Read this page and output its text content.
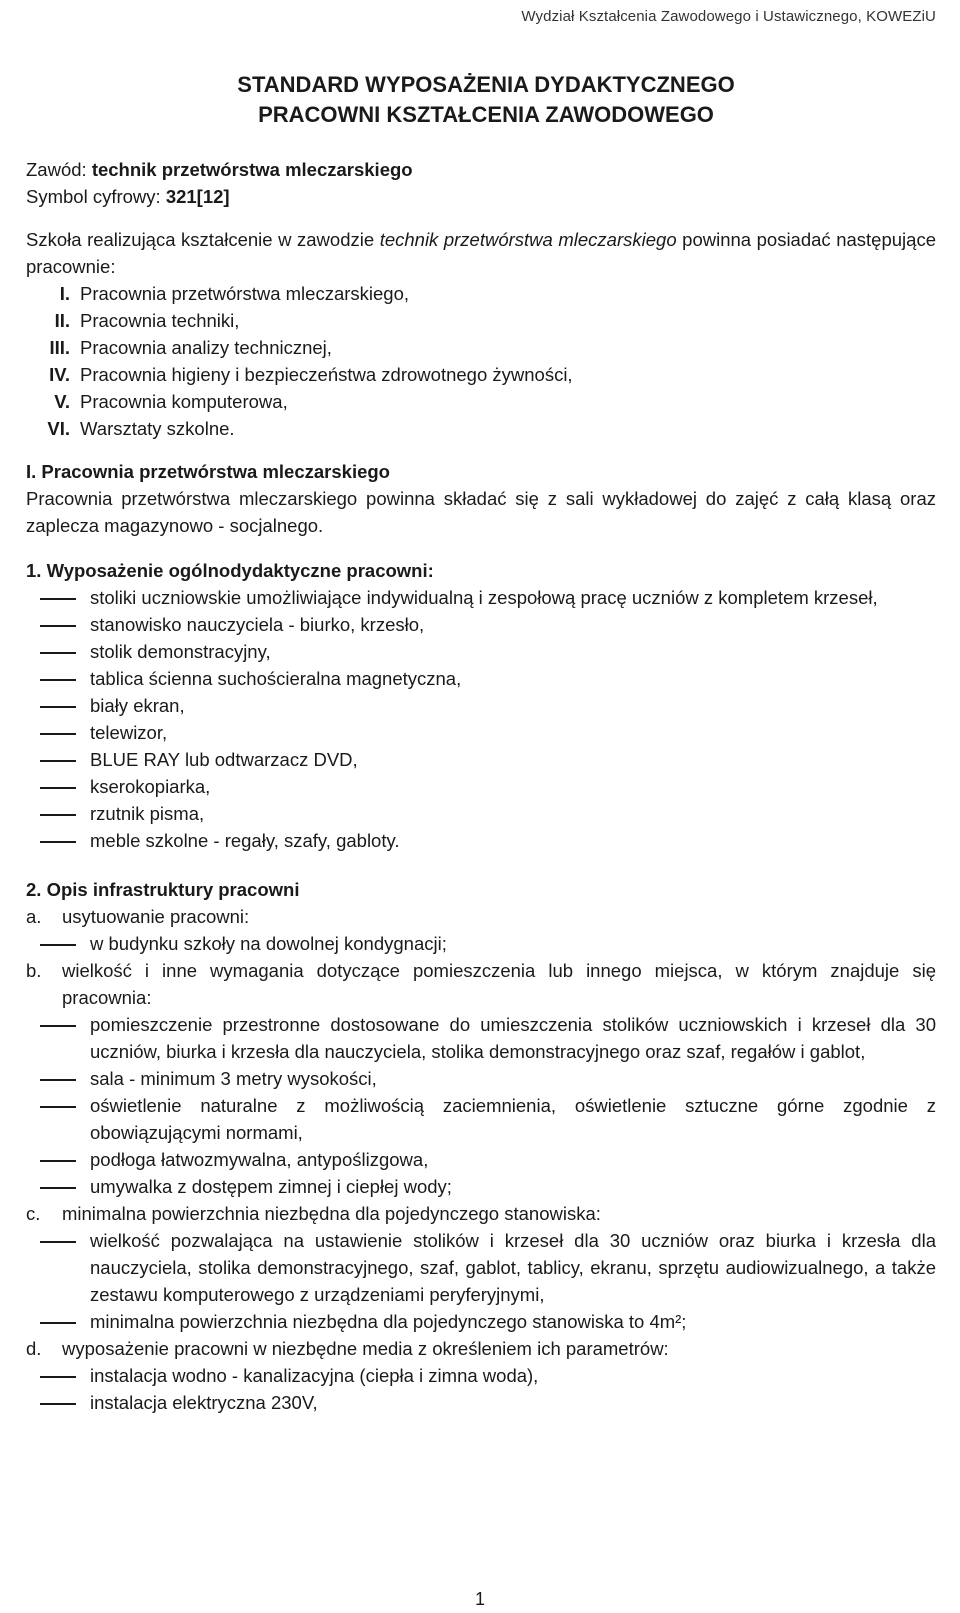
Wydział Kształcenia Zawodowego i Ustawicznego, KOWEZiU
STANDARD WYPOSAŻENIA DYDAKTYCZNEGO
PRACOWNI KSZTAŁCENIA ZAWODOWEGO

Zawód: technik przetwórstwa mleczarskiego

Symbol cyfrowy: 321[12]

Szkoła realizująca kształcenie w zawodzie technik przetwórstwa mleczarskiego powinna posiadać następujące pracownie:

I. Pracownia przetwórstwa mleczarskiego,
II. Pracownia techniki,
III. Pracownia analizy technicznej,
IV. Pracownia higieny i bezpieczeństwa zdrowotnego żywności,
V. Pracownia komputerowa,
VI. Warsztaty szkolne.

I. Pracownia przetwórstwa mleczarskiego

Pracownia przetwórstwa mleczarskiego powinna składać się z sali wykładowej do zajęć z całą klasą oraz zaplecza magazynowo - socjalnego.

1. Wyposażenie ogólnodydaktyczne pracowni:

stoliki uczniowskie umożliwiające indywidualną i zespołową pracę uczniów z kompletem krzeseł,
stanowisko nauczyciela - biurko, krzesło,
stolik demonstracyjny,
tablica ścienna suchościeralna magnetyczna,
biały ekran,
telewizor,
BLUE RAY lub odtwarzacz DVD,
kserokopiarka,
rzutnik pisma,
meble szkolne - regały, szafy, gabloty.

2. Opis infrastruktury pracowni

a.	usytuowanie pracowni:
w budynku szkoły na dowolnej kondygnacji;
b.	wielkość i inne wymagania dotyczące pomieszczenia lub innego miejsca, w którym znajduje się pracownia:
pomieszczenie przestronne dostosowane do umieszczenia stolików uczniowskich i krzeseł dla 30 uczniów, biurka i krzesła dla nauczyciela, stolika demonstracyjnego oraz szaf, regałów i gablot,
sala - minimum 3 metry wysokości,
oświetlenie naturalne z możliwością zaciemnienia, oświetlenie sztuczne górne zgodnie z obowiązującymi normami,
podłoga łatwozmywalna, antypoślizgowa,
umywalka z dostępem zimnej i ciepłej wody;
c.	minimalna powierzchnia niezbędna dla pojedynczego stanowiska:
wielkość pozwalająca na ustawienie stolików i krzeseł dla 30 uczniów oraz biurka i krzesła dla nauczyciela, stolika demonstracyjnego, szaf, gablot, tablicy, ekranu, sprzętu audiowizualnego, a także zestawu komputerowego z urządzeniami peryferyjnymi,
minimalna powierzchnia niezbędna dla pojedynczego stanowiska to 4m²;
d.	wyposażenie pracowni w niezbędne media z określeniem ich parametrów:
instalacja wodno - kanalizacyjna (ciepła i zimna woda),
instalacja elektryczna 230V,
1
